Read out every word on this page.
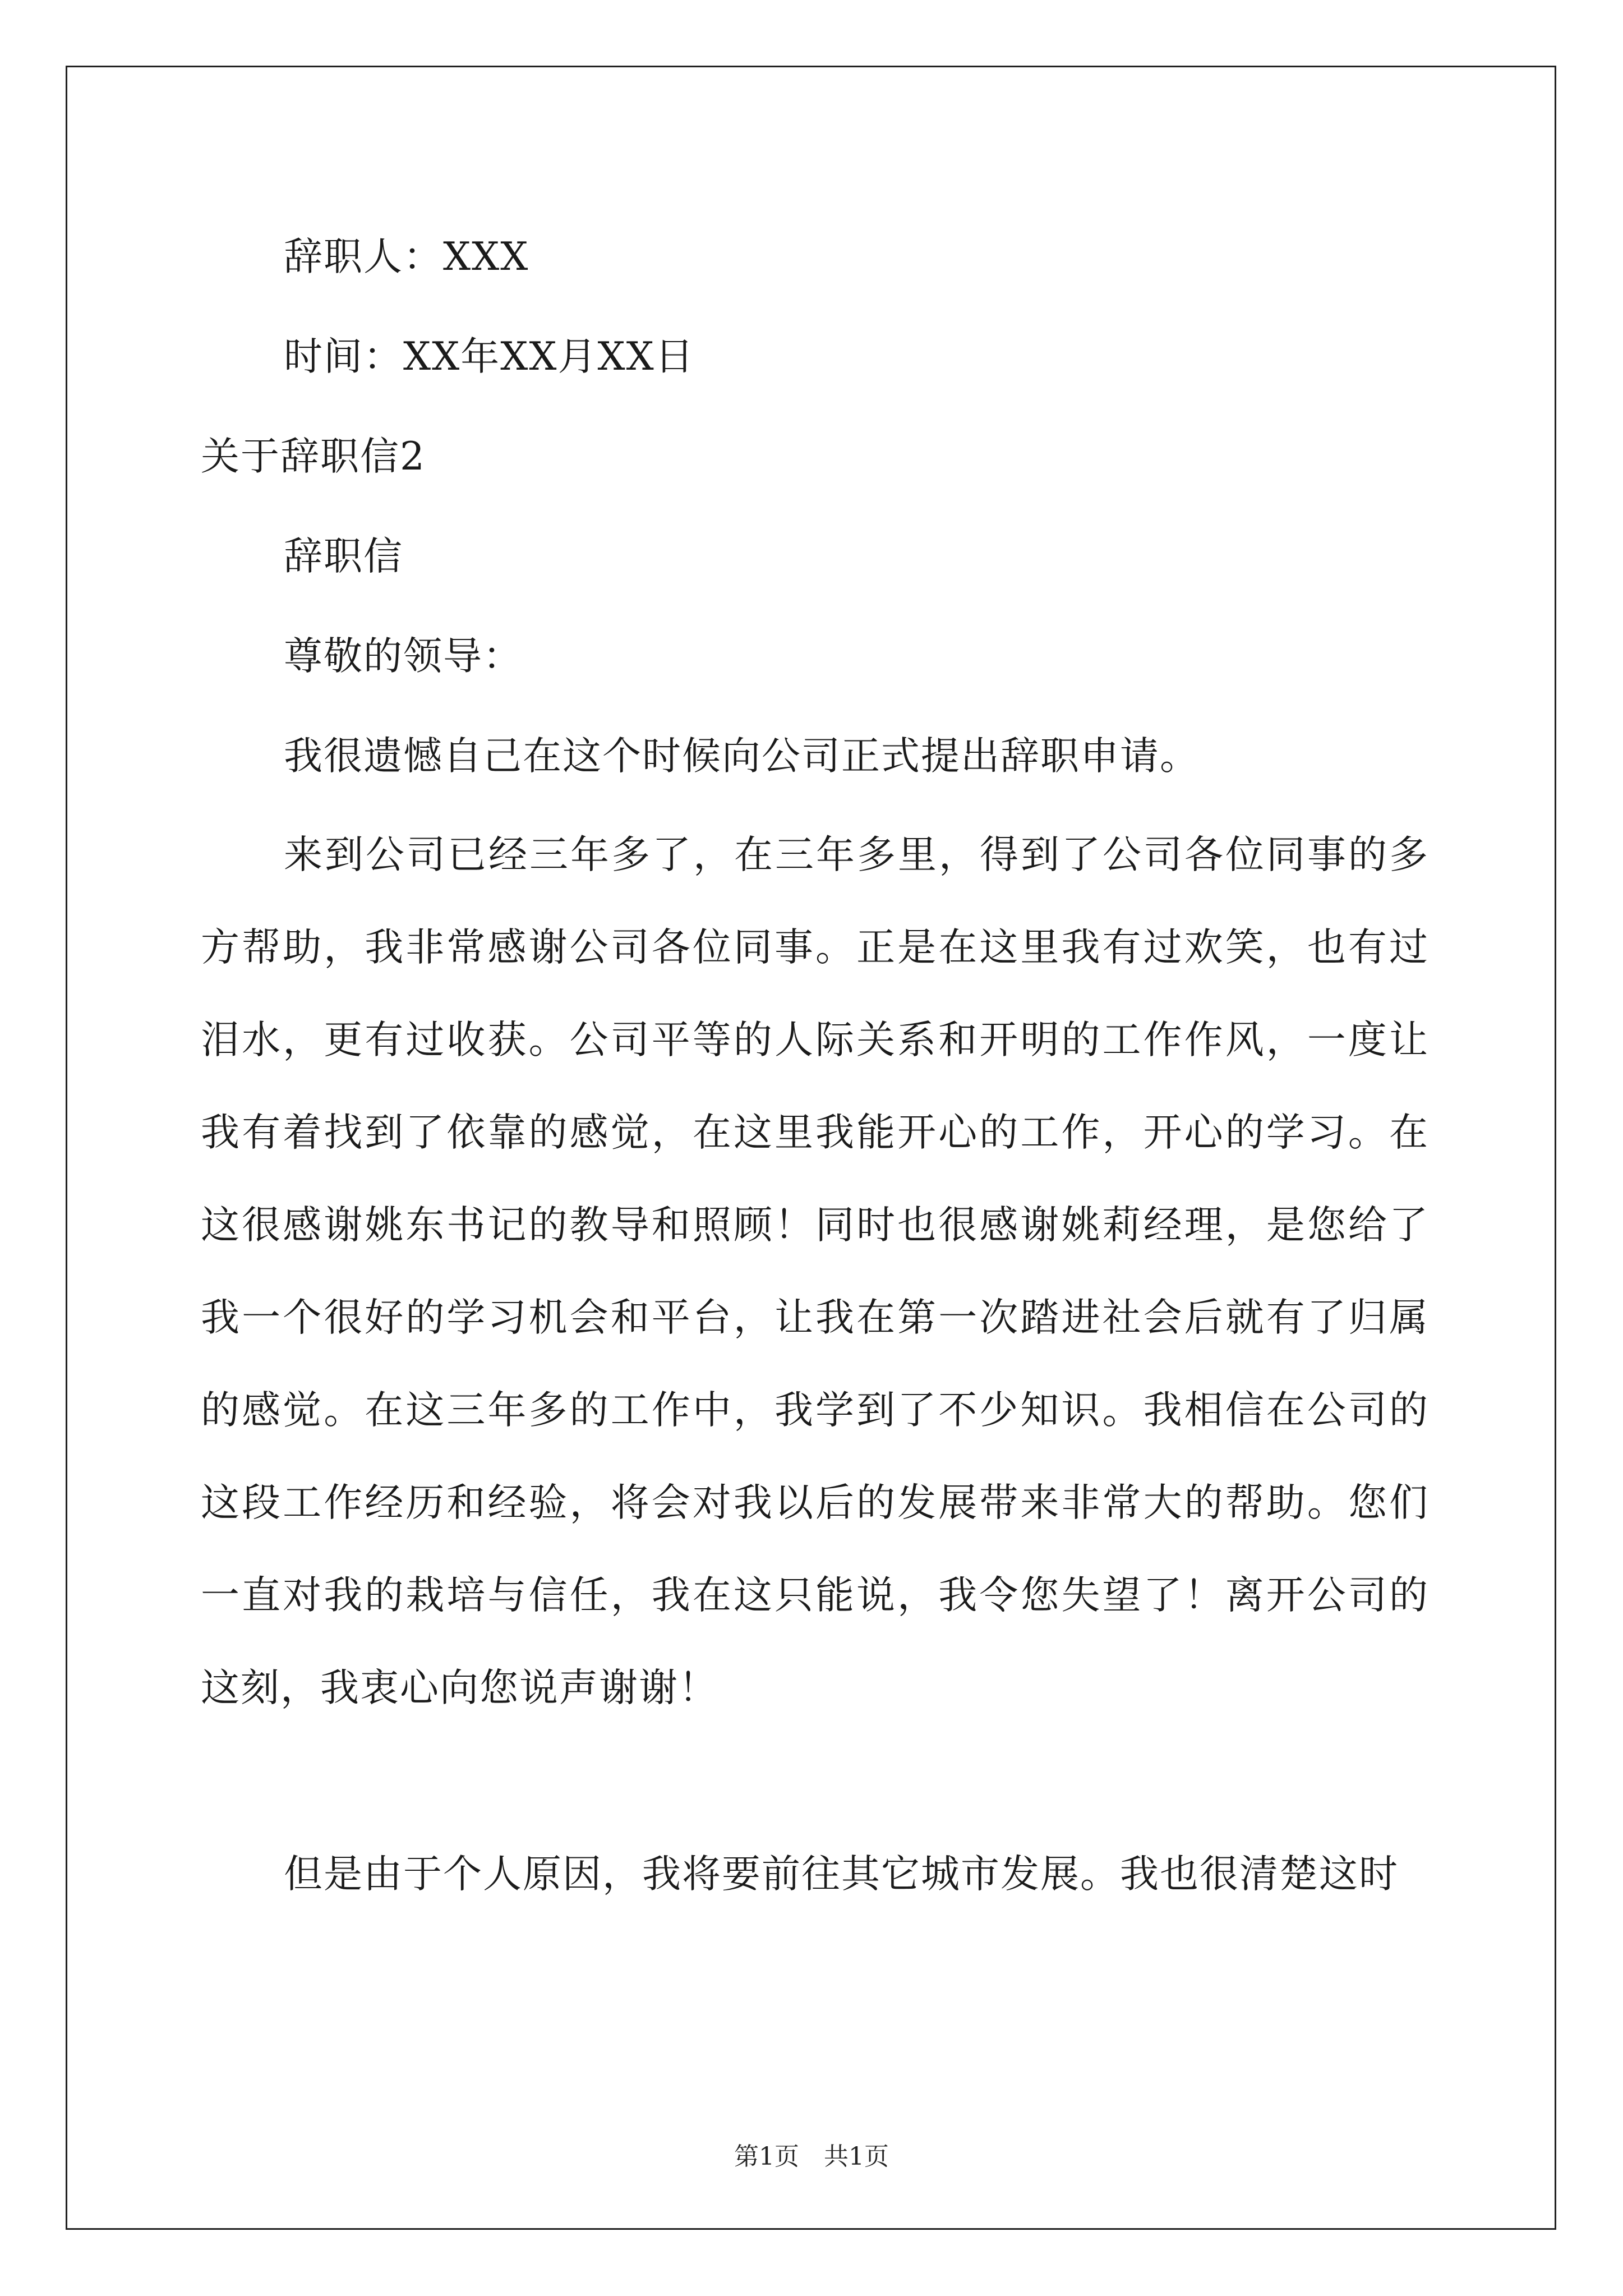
辞职人：XXX
时间：XX年XX月XX日
关于辞职信2
辞职信
尊敬的领导：
我很遗憾自己在这个时候向公司正式提出辞职申请。

来到公司已经三年多了，在三年多里，得到了公司各位同事的多方帮助，我非常感谢公司各位同事。正是在这里我有过欢笑，也有过泪水，更有过收获。公司平等的人际关系和开明的工作作风，一度让我有着找到了依靠的感觉，在这里我能开心的工作，开心的学习。在这很感谢姚东书记的教导和照顾！同时也很感谢姚莉经理，是您给了我一个很好的学习机会和平台，让我在第一次踏进社会后就有了归属的感觉。在这三年多的工作中，我学到了不少知识。我相信在公司的这段工作经历和经验，将会对我以后的发展带来非常大的帮助。您们一直对我的栽培与信任，我在这只能说，我令您失望了！离开公司的这刻，我衷心向您说声谢谢！

但是由于个人原因，我将要前往其它城市发展。我也很清楚这时

第1页　共1页
